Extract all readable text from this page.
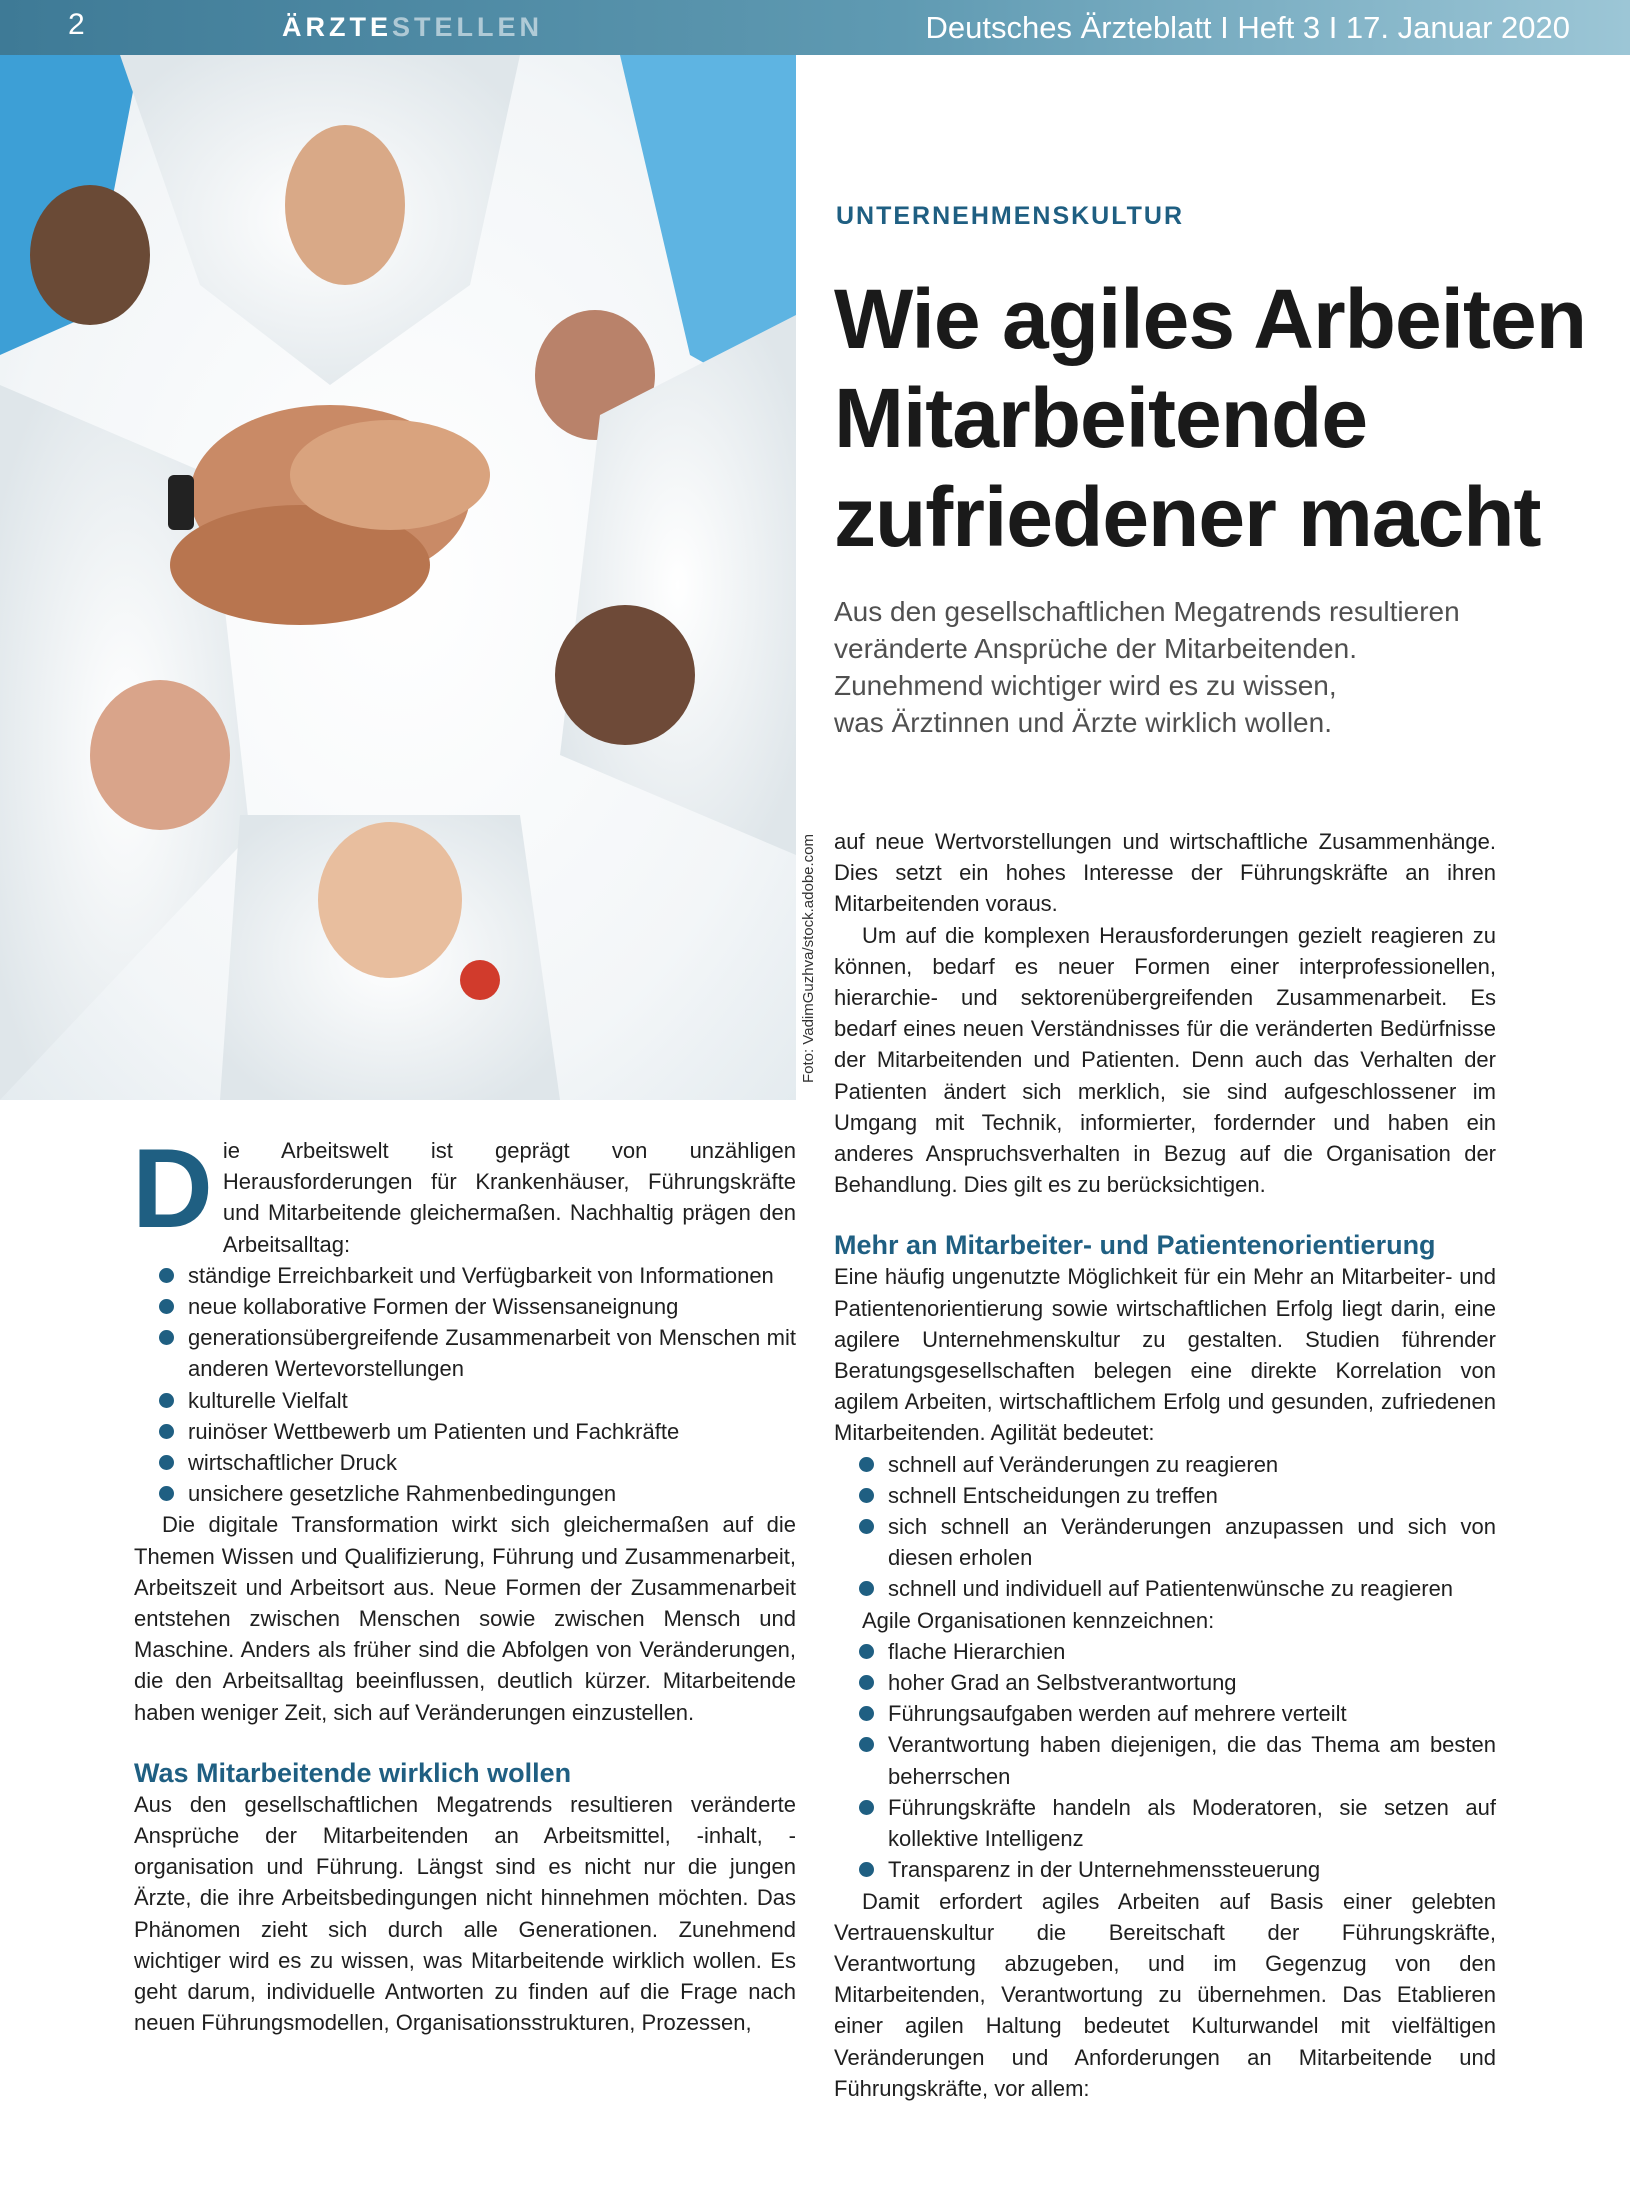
2	ÄRZTESTELLEN	Deutsches Ärzteblatt I Heft 3 I 17. Januar 2020
Foto: VadimGuzhva/stock.adobe.com
UNTERNEHMENSKULTUR
Wie agiles Arbeiten Mitarbeitende zufriedener macht
Aus den gesellschaftlichen Megatrends resultieren
veränderte Ansprüche der Mitarbeitenden.
Zunehmend wichtiger wird es zu wissen,
was Ärztinnen und Ärzte wirklich wollen.

Die Arbeitswelt ist geprägt von unzähligen Herausforderungen für Krankenhäuser, Führungskräfte und Mitarbeitende gleichermaßen. Nachhaltig prägen den Arbeitsalltag:

ständige Erreichbarkeit und Verfügbarkeit von Informationen
neue kollaborative Formen der Wissensaneignung
generationsübergreifende Zusammenarbeit von Menschen mit anderen Wertevorstellungen
kulturelle Vielfalt
ruinöser Wettbewerb um Patienten und Fachkräfte
wirtschaftlicher Druck
unsichere gesetzliche Rahmenbedingungen

Die digitale Transformation wirkt sich gleichermaßen auf die Themen Wissen und Qualifizierung, Führung und Zusammenarbeit, Arbeitszeit und Arbeitsort aus. Neue Formen der Zusammenarbeit entstehen zwischen Menschen sowie zwischen Mensch und Maschine. Anders als früher sind die Abfolgen von Veränderungen, die den Arbeitsalltag beeinflussen, deutlich kürzer. Mitarbeitende haben weniger Zeit, sich auf Veränderungen einzustellen.

Was Mitarbeitende wirklich wollen

Aus den gesellschaftlichen Megatrends resultieren veränderte Ansprüche der Mitarbeitenden an Arbeitsmittel, -inhalt, -organisation und Führung. Längst sind es nicht nur die jungen Ärzte, die ihre Arbeitsbedingungen nicht hinnehmen möchten. Das Phänomen zieht sich durch alle Generationen. Zunehmend wichtiger wird es zu wissen, was Mitarbeitende wirklich wollen. Es geht darum, individuelle Antworten zu finden auf die Frage nach neuen Führungsmodellen, Organisationsstrukturen, Prozessen,

auf neue Wertvorstellungen und wirtschaftliche Zusammenhänge. Dies setzt ein hohes Interesse der Führungskräfte an ihren Mitarbeitenden voraus.

Um auf die komplexen Herausforderungen gezielt reagieren zu können, bedarf es neuer Formen einer interprofessionellen, hierarchie- und sektorenübergreifenden Zusammenarbeit. Es bedarf eines neuen Verständnisses für die veränderten Bedürfnisse der Mitarbeitenden und Patienten. Denn auch das Verhalten der Patienten ändert sich merklich, sie sind aufgeschlossener im Umgang mit Technik, informierter, fordernder und haben ein anderes Anspruchsverhalten in Bezug auf die Organisation der Behandlung. Dies gilt es zu berücksichtigen.

Mehr an Mitarbeiter- und Patientenorientierung

Eine häufig ungenutzte Möglichkeit für ein Mehr an Mitarbeiter- und Patientenorientierung sowie wirtschaftlichen Erfolg liegt darin, eine agilere Unternehmenskultur zu gestalten. Studien führender Beratungsgesellschaften belegen eine direkte Korrelation von agilem Arbeiten, wirtschaftlichem Erfolg und gesunden, zufriedenen Mitarbeitenden. Agilität bedeutet:

schnell auf Veränderungen zu reagieren
schnell Entscheidungen zu treffen
sich schnell an Veränderungen anzupassen und sich von diesen erholen
schnell und individuell auf Patientenwünsche zu reagieren

Agile Organisationen kennzeichnen:

flache Hierarchien
hoher Grad an Selbstverantwortung
Führungsaufgaben werden auf mehrere verteilt
Verantwortung haben diejenigen, die das Thema am besten beherrschen
Führungskräfte handeln als Moderatoren, sie setzen auf kollektive Intelligenz
Transparenz in der Unternehmenssteuerung

Damit erfordert agiles Arbeiten auf Basis einer gelebten Vertrauenskultur die Bereitschaft der Führungskräfte, Verantwortung abzugeben, und im Gegenzug von den Mitarbeitenden, Verantwortung zu übernehmen. Das Etablieren einer agilen Haltung bedeutet Kulturwandel mit vielfältigen Veränderungen und Anforderungen an Mitarbeitende und Führungskräfte, vor allem:
